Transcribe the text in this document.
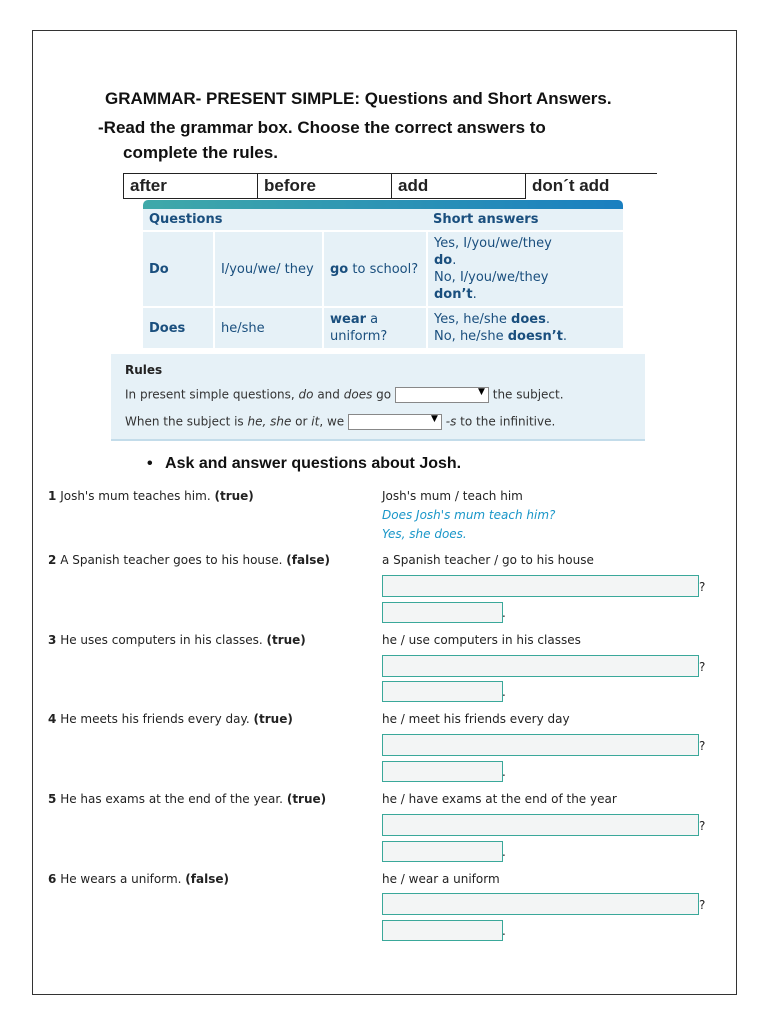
GRAMMAR- PRESENT SIMPLE: Questions and Short Answers.
-Read the grammar box. Choose the correct answers to
complete the rules.
after	before	add	don´t add
Questions			Short answers
Do	I/you/we/ they	go to school?	Yes, I/you/we/they
do.
No, I/you/we/they
don’t.
Does	he/she	wear a uniform?	Yes, he/she does.
No, he/she doesn’t.
Rules
In present simple questions, do and does go	▼ the subject.
When the subject is he, she or it, we	▼ -s to the infinitive.
• Ask and answer questions about Josh.
1 Josh's mum teaches him. (true)	Josh's mum / teach him
Does Josh's mum teach him?
Yes, she does.
2 A Spanish teacher goes to his house. (false)	a Spanish teacher / go to his house
?
.
3 He uses computers in his classes. (true)	he / use computers in his classes
?
.
4 He meets his friends every day. (true)	he / meet his friends every day
?
.
5 He has exams at the end of the year. (true)	he / have exams at the end of the year
?
.
6 He wears a uniform. (false)	he / wear a uniform
?
.
